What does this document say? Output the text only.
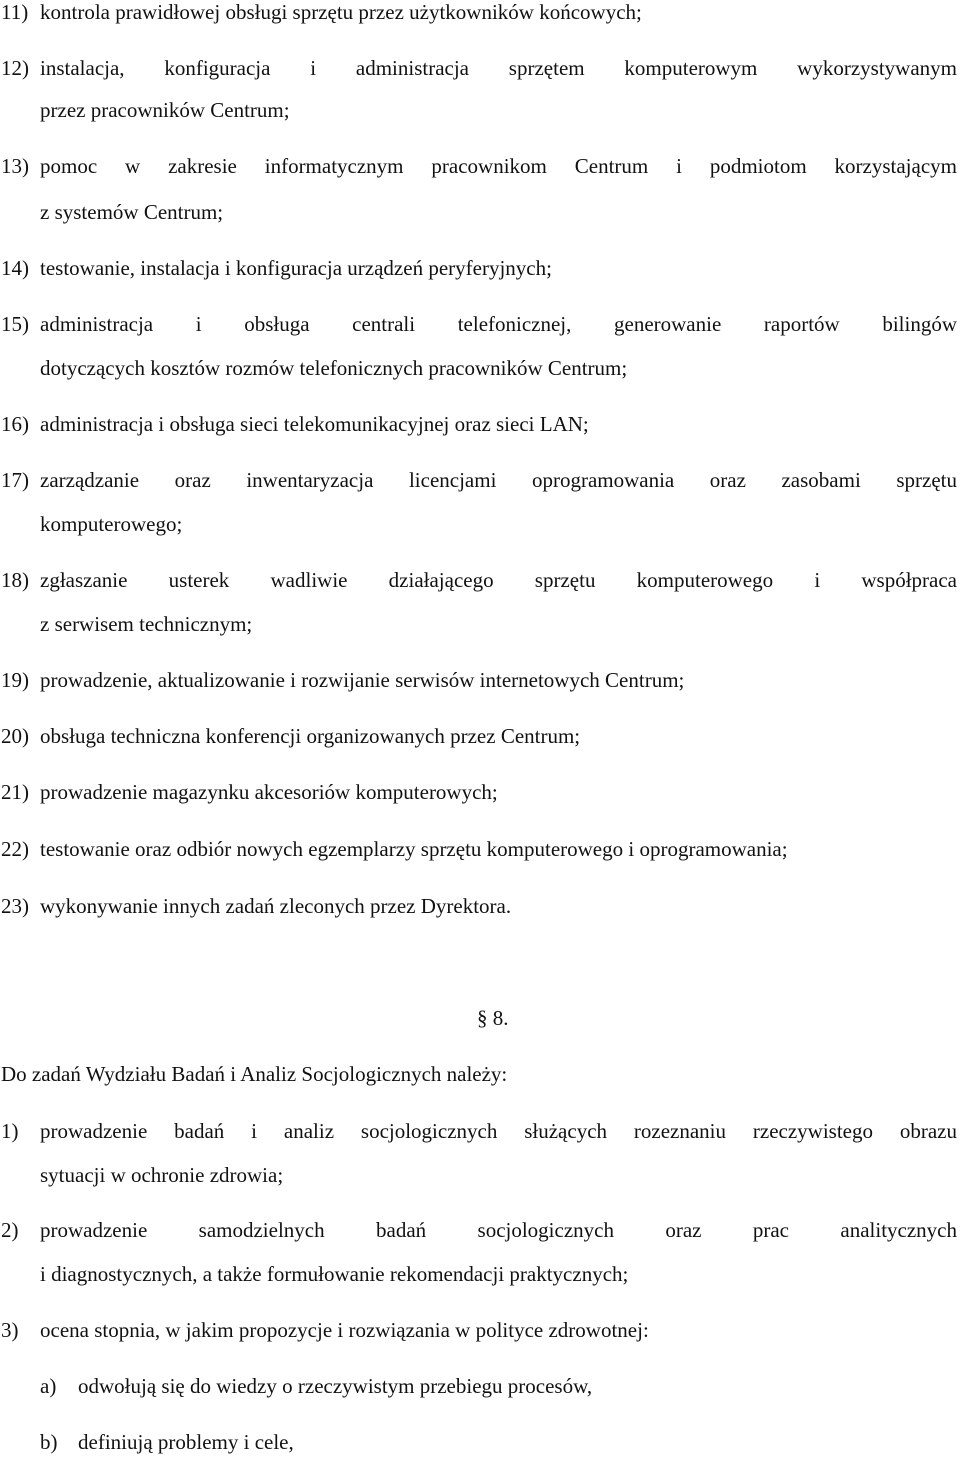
11) kontrola prawidłowej obsługi sprzętu przez użytkowników końcowych;
12) instalacja, konfiguracja i administracja sprzętem komputerowym wykorzystywanym
przez pracowników Centrum;
13) pomoc w zakresie informatycznym pracownikom Centrum i podmiotom korzystającym
z systemów Centrum;
14) testowanie, instalacja i konfiguracja urządzeń peryferyjnych;
15) administracja i obsługa centrali telefonicznej, generowanie raportów bilingów
dotyczących kosztów rozmów telefonicznych pracowników Centrum;
16) administracja i obsługa sieci telekomunikacyjnej oraz sieci LAN;
17) zarządzanie oraz inwentaryzacja licencjami oprogramowania oraz zasobami sprzętu
komputerowego;
18) zgłaszanie usterek wadliwie działającego sprzętu komputerowego i współpraca
z serwisem technicznym;
19) prowadzenie, aktualizowanie i rozwijanie serwisów internetowych Centrum;
20) obsługa techniczna konferencji organizowanych przez Centrum;
21) prowadzenie magazynku akcesoriów komputerowych;
22) testowanie oraz odbiór nowych egzemplarzy sprzętu komputerowego i oprogramowania;
23) wykonywanie innych zadań zleconych przez Dyrektora.
§ 8.
Do zadań Wydziału Badań i Analiz Socjologicznych należy:
1) prowadzenie badań i analiz socjologicznych służących rozeznaniu rzeczywistego obrazu
sytuacji w ochronie zdrowia;
2) prowadzenie samodzielnych badań socjologicznych oraz prac analitycznych
i diagnostycznych, a także formułowanie rekomendacji praktycznych;
3) ocena stopnia, w jakim propozycje i rozwiązania w polityce zdrowotnej:
a) odwołują się do wiedzy o rzeczywistym przebiegu procesów,
b) definiują problemy i cele,
